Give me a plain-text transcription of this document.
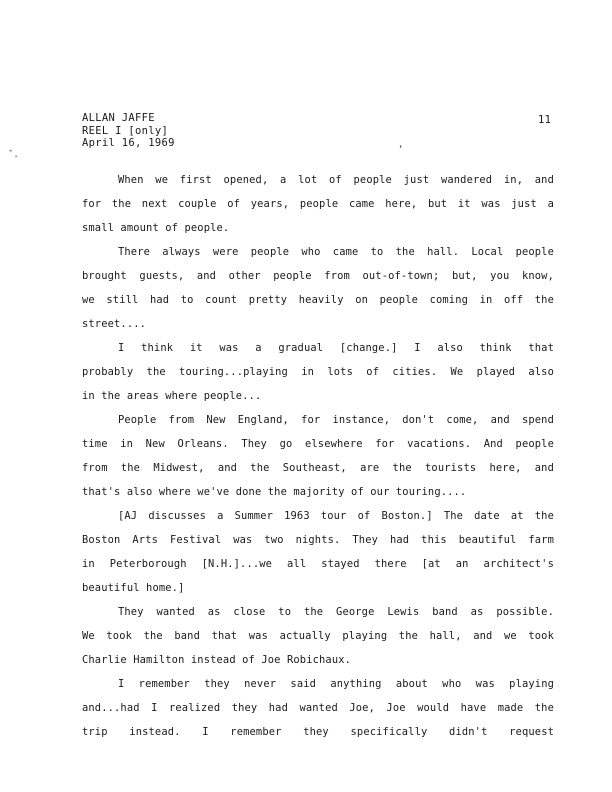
ALLAN JAFFE
REEL I [only]
April 16, 1969
11
ˇ.
,
When we first opened, a lot of people just wandered in, and
for the next couple of years, people came here, but it was just a
small amount of people.
There always were people who came to the hall. Local people
brought guests, and other people from out-of-town; but, you know,
we still had to count pretty heavily on people coming in off the
street....
I think it was a gradual [change.] I also think that
probably the touring...playing in lots of cities. We played also
in the areas where people...
People from New England, for instance, don't come, and spend
time in New Orleans. They go elsewhere for vacations. And people
from the Midwest, and the Southeast, are the tourists here, and
that's also where we've done the majority of our touring....
[AJ discusses a Summer 1963 tour of Boston.] The date at the
Boston Arts Festival was two nights. They had this beautiful farm
in Peterborough [N.H.]...we all stayed there [at an architect's
beautiful home.]
They wanted as close to the George Lewis band as possible.
We took the band that was actually playing the hall, and we took
Charlie Hamilton instead of Joe Robichaux.
I remember they never said anything about who was playing
and...had I realized they had wanted Joe, Joe would have made the
trip instead. I remember they specifically didn't request
